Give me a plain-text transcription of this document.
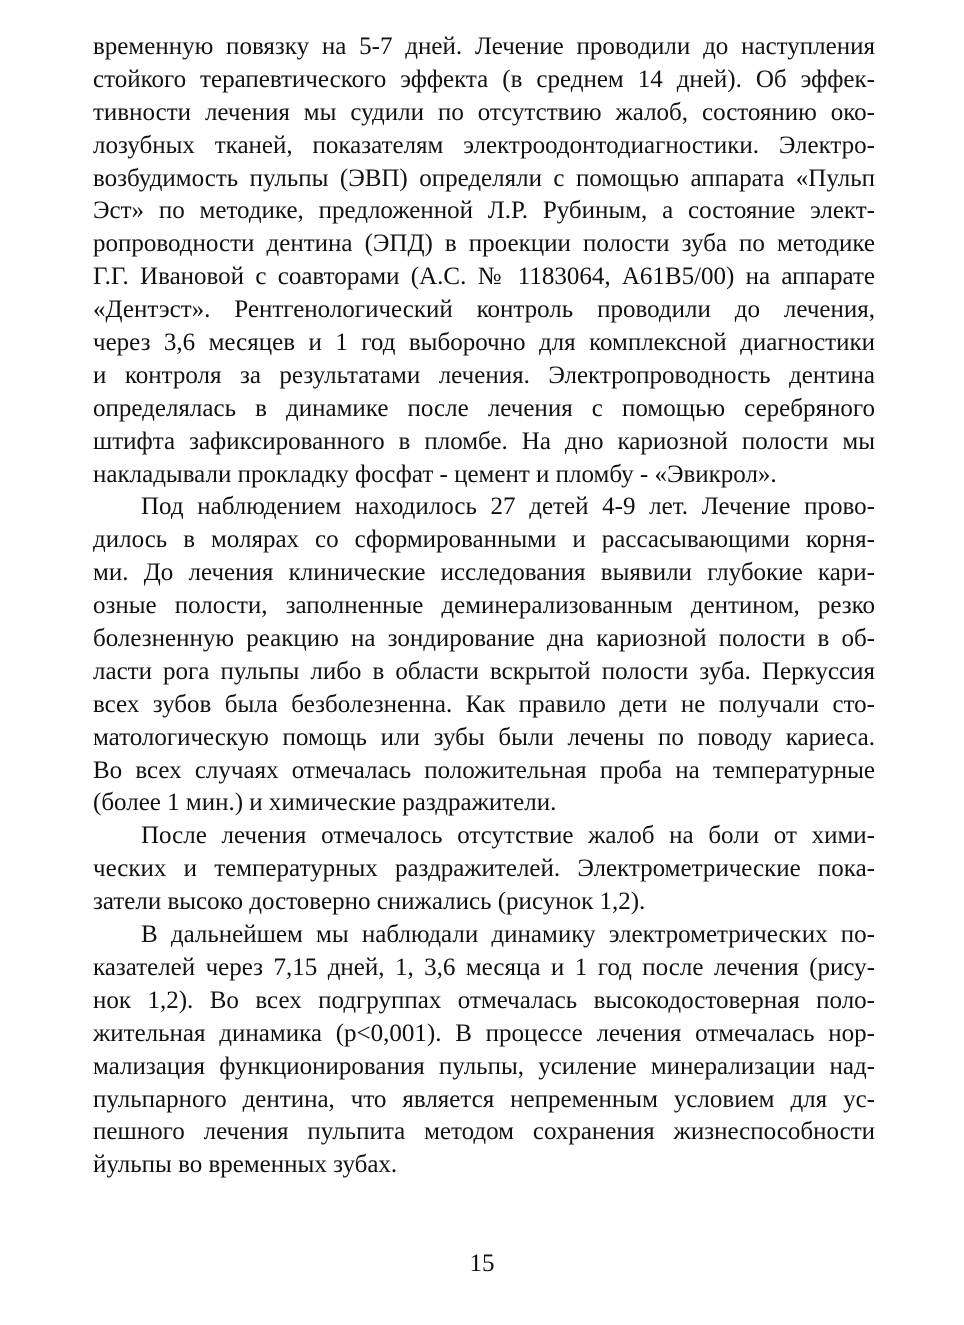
временную повязку на 5-7 дней. Лечение проводили до наступления
стойкого терапевтического эффекта (в среднем 14 дней). Об эффек-
тивности лечения мы судили по отсутствию жалоб, состоянию око-
лозубных тканей, показателям электроодонтодиагностики. Электро-
возбудимость пульпы (ЭВП) определяли с помощью аппарата «Пульп
Эст» по методике, предложенной Л.Р. Рубиным, а состояние элект-
ропроводности дентина (ЭПД) в проекции полости зуба по методике
Г.Г. Ивановой с соавторами (А.С. № 1183064, А61В5/00) на аппарате
«Дентэст». Рентгенологический контроль проводили до лечения,
через 3,6 месяцев и 1 год выборочно для комплексной диагностики
и контроля за результатами лечения. Электропроводность дентина
определялась в динамике после лечения с помощью серебряного
штифта зафиксированного в пломбе. На дно кариозной полости мы
накладывали прокладку фосфат - цемент и пломбу - «Эвикрол».

Под наблюдением находилось 27 детей 4-9 лет. Лечение прово-
дилось в молярах со сформированными и рассасывающими корня-
ми. До лечения клинические исследования выявили глубокие кари-
озные полости, заполненные деминерализованным дентином, резко
болезненную реакцию на зондирование дна кариозной полости в об-
ласти рога пульпы либо в области вскрытой полости зуба. Перкуссия
всех зубов была безболезненна. Как правило дети не получали сто-
матологическую помощь или зубы были лечены по поводу кариеса.
Во всех случаях отмечалась положительная проба на температурные
(более 1 мин.) и химические раздражители.

После лечения отмечалось отсутствие жалоб на боли от хими-
ческих и температурных раздражителей. Электрометрические пока-
затели высоко достоверно снижались (рисунок 1,2).

В дальнейшем мы наблюдали динамику электрометрических по-
казателей через 7,15 дней, 1, 3,6 месяца и 1 год после лечения (рису-
нок 1,2). Во всех подгруппах отмечалась высокодостоверная поло-
жительная динамика (р<0,001). В процессе лечения отмечалась нор-
мализация функционирования пульпы, усиление минерализации над-
пульпарного дентина, что является непременным условием для ус-
пешного лечения пульпита методом сохранения жизнеспособности
йульпы во временных зубах.

15
